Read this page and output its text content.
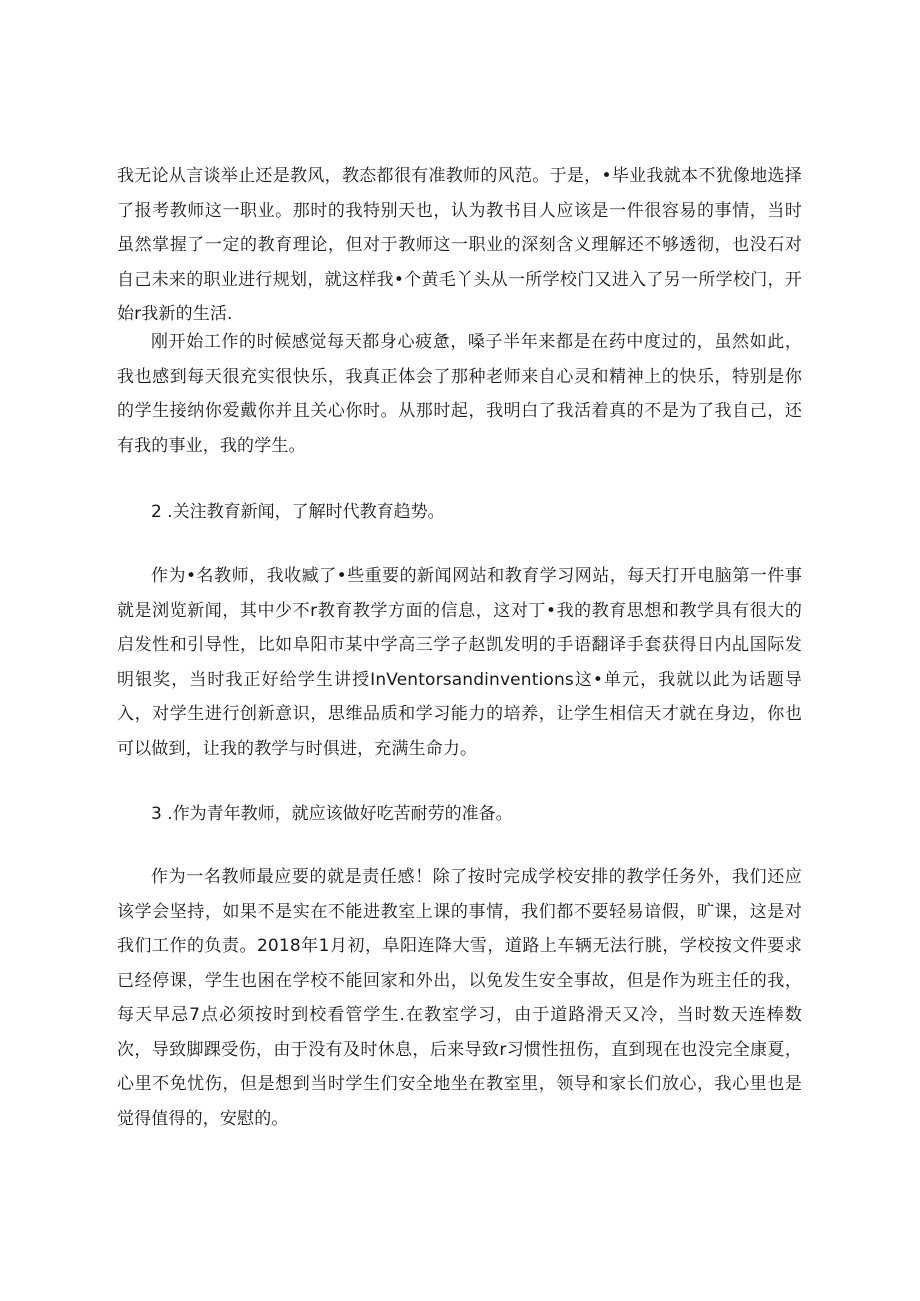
我无论从言谈举止还是教风，教态都很有准教师的风范。于是，•毕业我就本不犹像地选择了报考教师这一职业。那时的我特别天也，认为教书目人应该是一件很容易的事情，当时虽然掌握了一定的教育理论，但对于教师这一职业的深刻含义理解还不够透彻，也没石对自己未来的职业进行规划，就这样我•个黄毛丫头从一所学校门又进入了另一所学校门，开始r我新的生活.

刚开始工作的时候感觉每天都身心疲惫，嗓子半年来都是在药中度过的，虽然如此，我也感到每天很充实很快乐，我真正体会了那种老师来自心灵和精神上的快乐，特别是你的学生接纳你爱戴你并且关心你时。从那时起，我明白了我活着真的不是为了我自己，还有我的事业，我的学生。

2 .关注教育新闻，了解时代教育趋势。

作为•名教师，我收臧了•些重要的新闻网站和教育学习网站，每天打开电脑第一件事就是浏览新闻，其中少不r教育教学方面的信息，这对丁•我的教育思想和教学具有很大的启发性和引导性，比如阜阳市某中学高三学子赵凯发明的手语翻译手套获得日内乩国际发明银奖，当时我正好给学生讲授InVentorsandinventions这•单元，我就以此为话题导入，对学生进行创新意识，思维品质和学习能力的培养，让学生相信天才就在身边，你也可以做到，让我的教学与时俱进，充满生命力。

3 .作为青年教师，就应该做好吃苦耐劳的准备。

作为一名教师最应要的就是责任感！除了按时完成学校安排的教学任务外，我们还应该学会坚持，如果不是实在不能进教室上课的事情，我们都不要轻易谙假，旷课，这是对我们工作的负责。2018年1月初，阜阳连降大雪，道路上车辆无法行朓，学校按文件要求已经停课，学生也困在学校不能回家和外出，以免发生安全事故，但是作为班主任的我，每天早忌7点必须按时到校看管学生.在教室学习，由于道路滑天又冷，当时数天连棒数次，导致脚踝受伤，由于没有及时休息，后来导致r习惯性扭伤，直到现在也没完全康夏，心里不免忧伤，但是想到当时学生们安全地坐在教室里，领导和家长们放心，我心里也是觉得值得的，安慰的。
